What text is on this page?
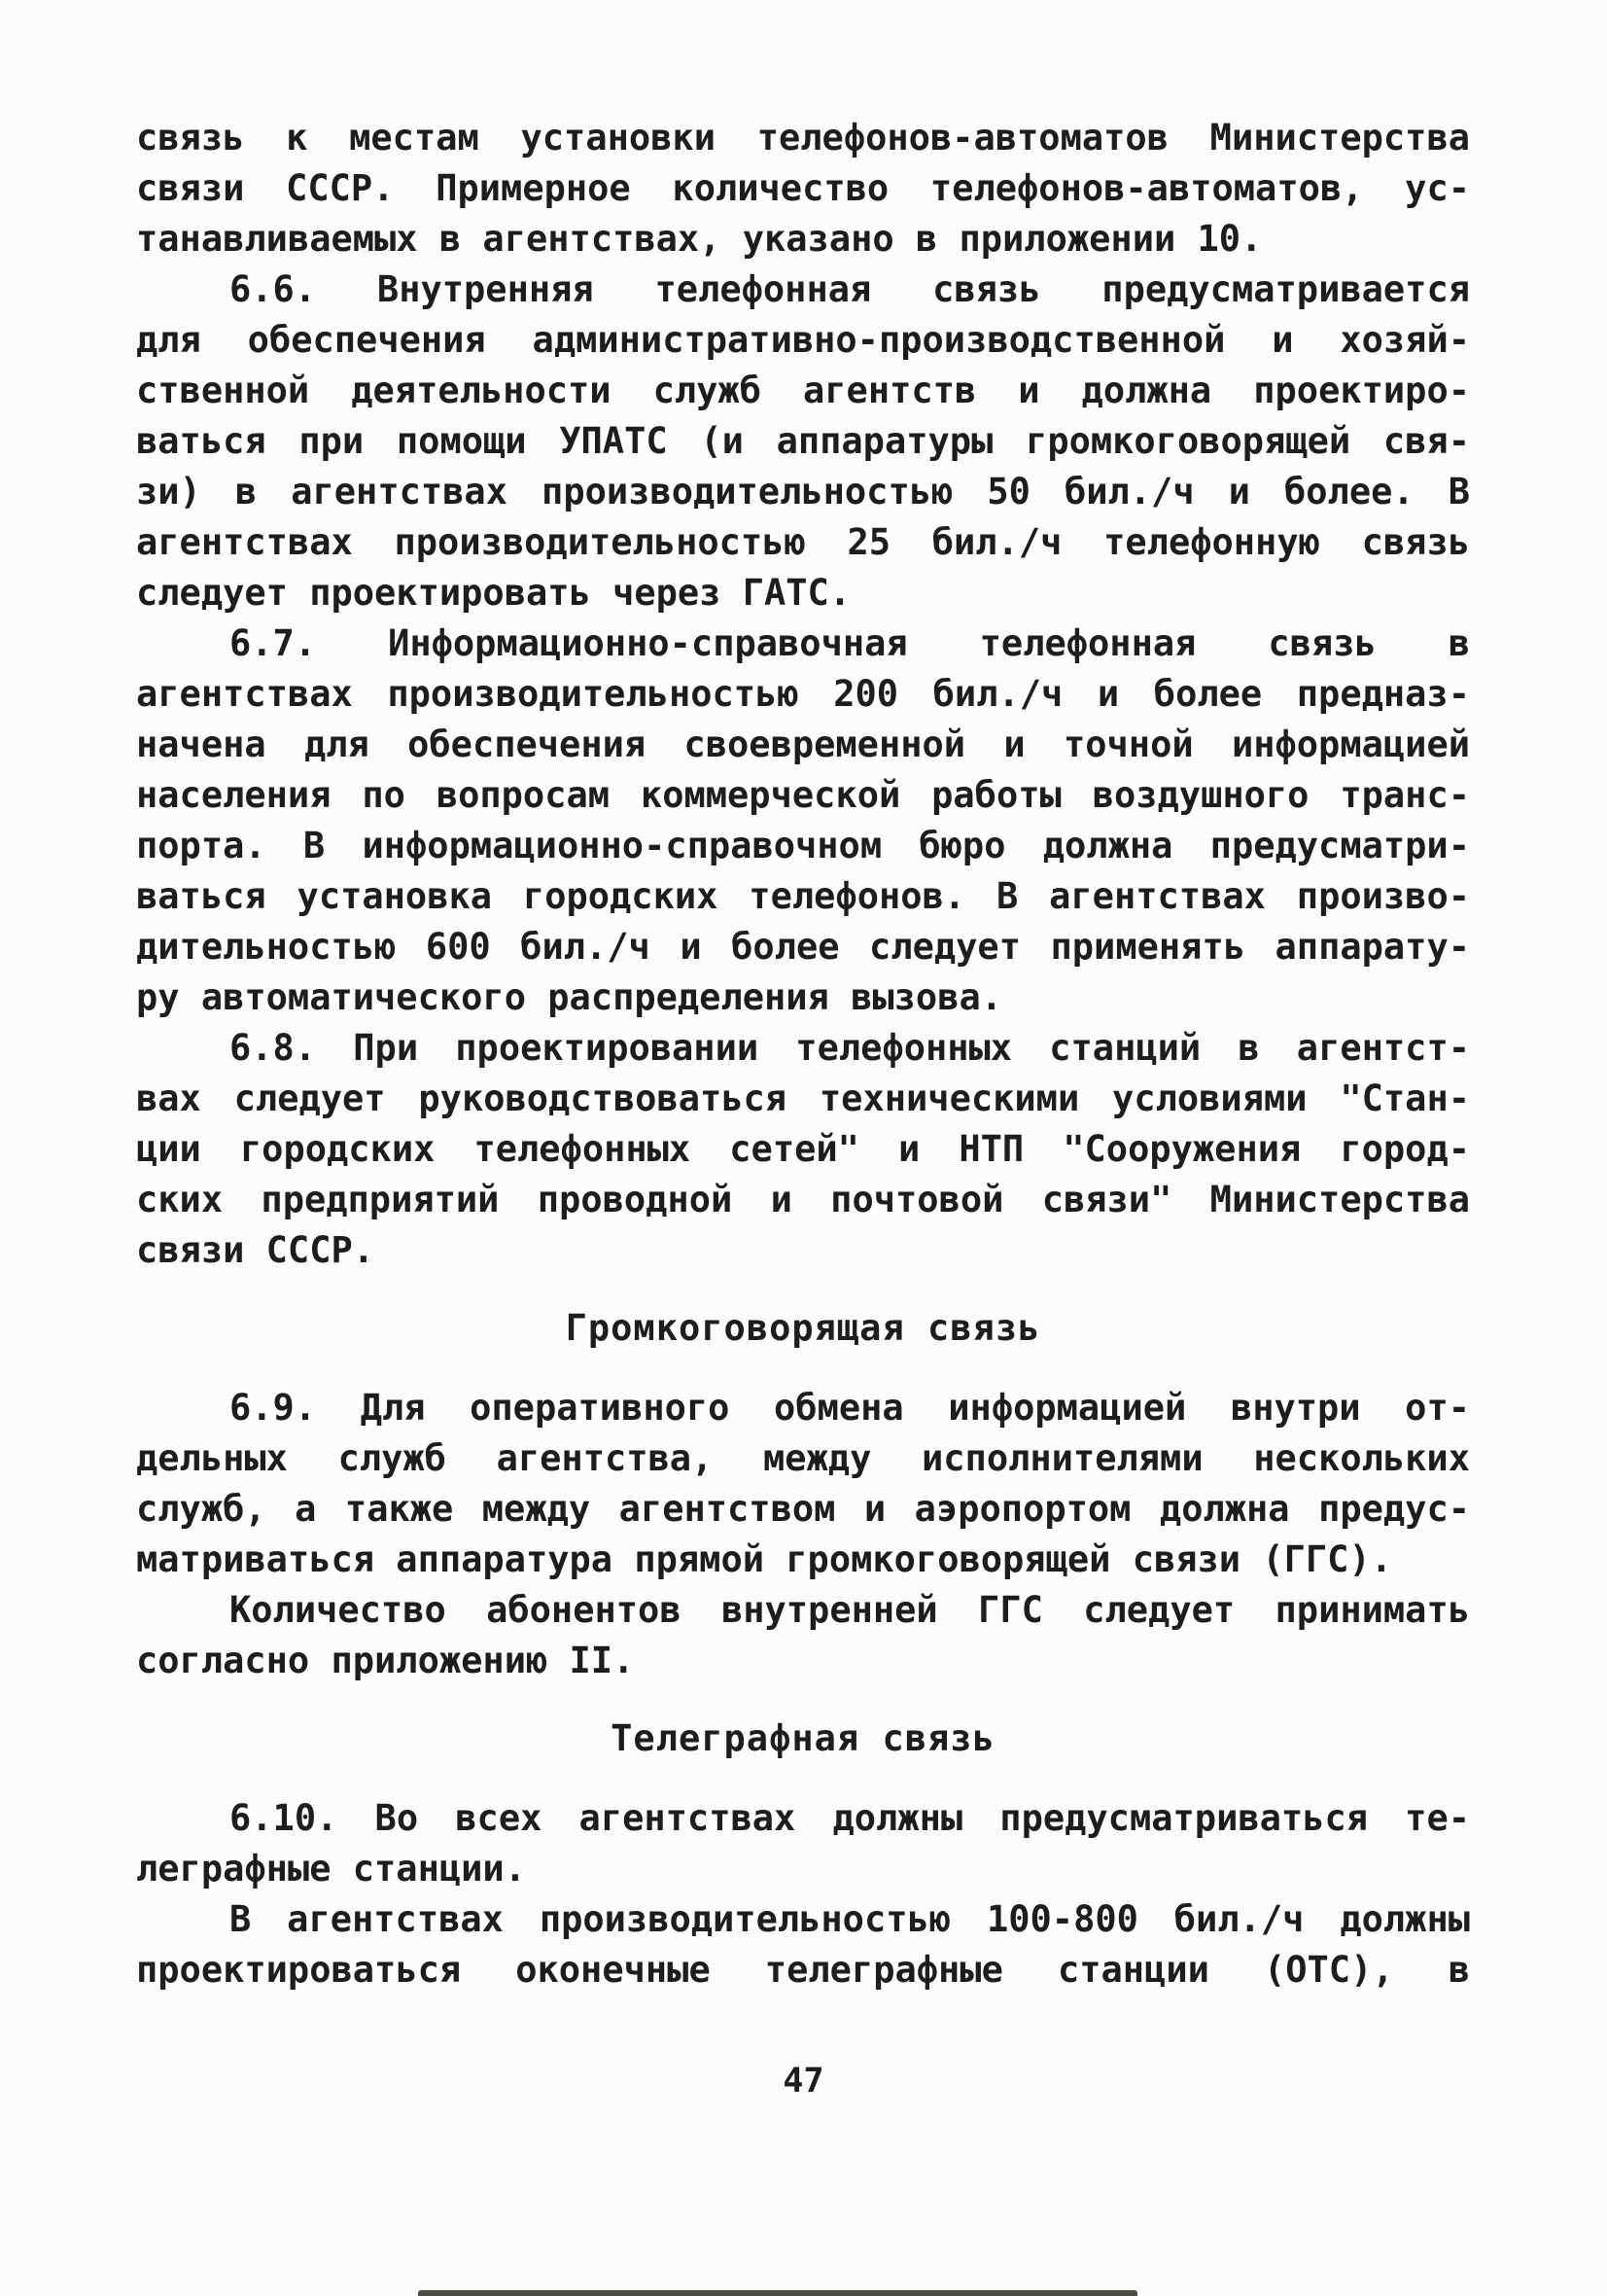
связь к местам установки телефонов-автоматов Министерства
связи СССР. Примерное количество телефонов-автоматов, ус-
танавливаемых в агентствах, указано в приложении 10.
6.6. Внутренняя телефонная связь предусматривается
для обеспечения административно-производственной и хозяй-
ственной деятельности служб агентств и должна проектиро-
ваться при помощи УПАТС (и аппаратуры громкоговорящей свя-
зи) в агентствах производительностью 50 бил./ч и более. В
агентствах производительностью 25 бил./ч телефонную связь
следует проектировать через ГАТС.
6.7. Информационно-справочная телефонная связь в
агентствах производительностью 200 бил./ч и более предназ-
начена для обеспечения своевременной и точной информацией
населения по вопросам коммерческой работы воздушного транс-
порта. В информационно-справочном бюро должна предусматри-
ваться установка городских телефонов. В агентствах произво-
дительностью 600 бил./ч и более следует применять аппарату-
ру автоматического распределения вызова.
6.8. При проектировании телефонных станций в агентст-
вах следует руководствоваться техническими условиями "Стан-
ции городских телефонных сетей" и НТП "Сооружения город-
ских предприятий проводной и почтовой связи" Министерства
связи СССР.
Громкоговорящая связь
6.9. Для оперативного обмена информацией внутри от-
дельных служб агентства, между исполнителями нескольких
служб, а также между агентством и аэропортом должна предус-
матриваться аппаратура прямой громкоговорящей связи (ГГС).
Количество абонентов внутренней ГГС следует принимать
согласно приложению II.
Телеграфная связь
6.10. Во всех агентствах должны предусматриваться те-
леграфные станции.
В агентствах производительностью 100-800 бил./ч должны
проектироваться оконечные телеграфные станции (ОТС), в
47
